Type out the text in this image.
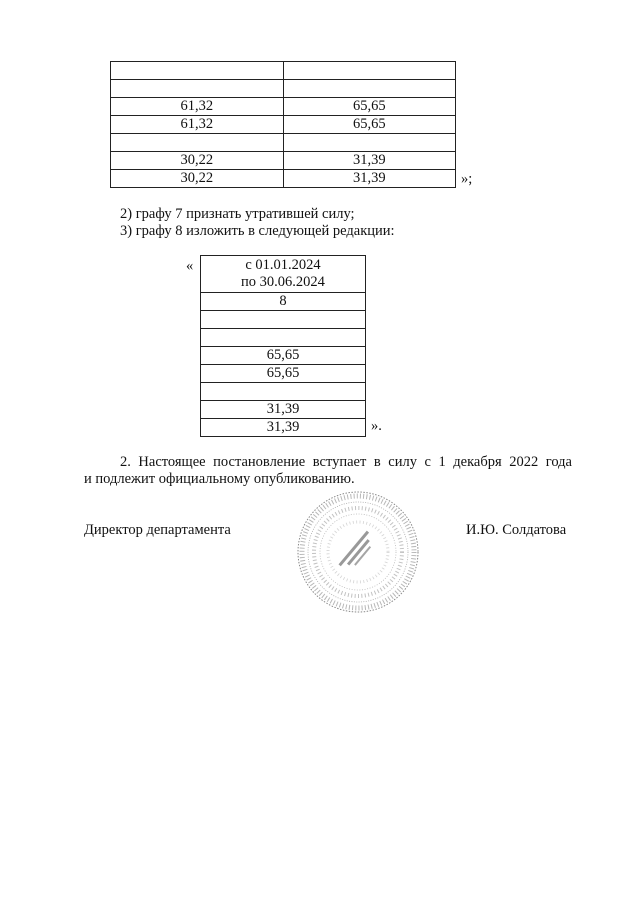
61,32	65,65
61,32	65,65

30,22	31,39
30,22	31,39	»;
2) графу 7 признать утратившей силу;
3) графу 8 изложить в следующей редакции:
«	с 01.01.2024
по 30.06.2024

8

65,65
65,65

31,39
31,39	».
2. Настоящее постановление вступает в силу с 1 декабря 2022 года
и подлежит официальному опубликованию.
Директор департамента	И.Ю. Солдатова
